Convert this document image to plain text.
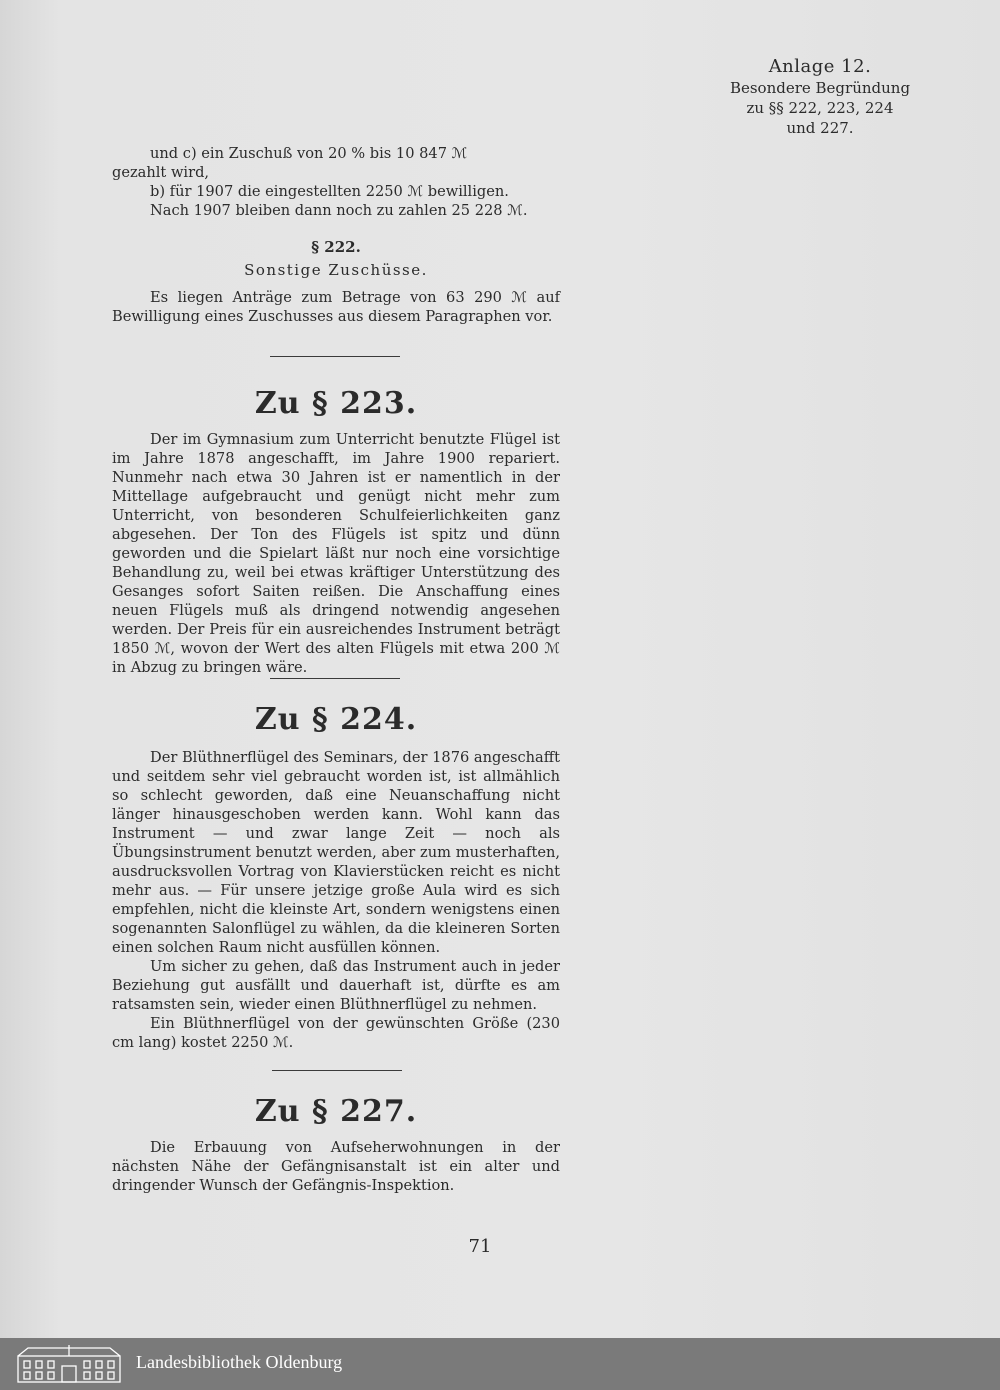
Anlage 12.
Besondere Begründung
zu §§ 222, 223, 224
und 227.

und c) ein Zuschuß von 20 % bis 10 847 ℳ

gezahlt wird,

b) für 1907 die eingestellten 2250 ℳ bewilligen.

Nach 1907 bleiben dann noch zu zahlen 25 228 ℳ.

§ 222.
Sonstige Zuschüsse.

Es liegen Anträge zum Betrage von 63 290 ℳ auf Bewilligung eines Zuschusses aus diesem Paragraphen vor.

Zu § 223.

Der im Gymnasium zum Unterricht benutzte Flügel ist im Jahre 1878 angeschafft, im Jahre 1900 repariert. Nunmehr nach etwa 30 Jahren ist er namentlich in der Mittellage aufgebraucht und genügt nicht mehr zum Unterricht, von besonderen Schulfeierlichkeiten ganz abgesehen. Der Ton des Flügels ist spitz und dünn geworden und die Spielart läßt nur noch eine vorsichtige Behandlung zu, weil bei etwas kräftiger Unterstützung des Gesanges sofort Saiten reißen. Die Anschaffung eines neuen Flügels muß als dringend notwendig angesehen werden. Der Preis für ein ausreichendes Instrument beträgt 1850 ℳ, wovon der Wert des alten Flügels mit etwa 200 ℳ in Abzug zu bringen wäre.

Zu § 224.

Der Blüthnerflügel des Seminars, der 1876 angeschafft und seitdem sehr viel gebraucht worden ist, ist allmählich so schlecht geworden, daß eine Neuanschaffung nicht länger hinausgeschoben werden kann. Wohl kann das Instrument — und zwar lange Zeit — noch als Übungsinstrument benutzt werden, aber zum musterhaften, ausdrucksvollen Vortrag von Klavierstücken reicht es nicht mehr aus. — Für unsere jetzige große Aula wird es sich empfehlen, nicht die kleinste Art, sondern wenigstens einen sogenannten Salonflügel zu wählen, da die kleineren Sorten einen solchen Raum nicht ausfüllen können.

Um sicher zu gehen, daß das Instrument auch in jeder Beziehung gut ausfällt und dauerhaft ist, dürfte es am ratsamsten sein, wieder einen Blüthnerflügel zu nehmen.

Ein Blüthnerflügel von der gewünschten Größe (230 cm lang) kostet 2250 ℳ.

Zu § 227.

Die Erbauung von Aufseherwohnungen in der nächsten Nähe der Gefängnisanstalt ist ein alter und dringender Wunsch der Gefängnis-Inspektion.

71
Landesbibliothek Oldenburg
